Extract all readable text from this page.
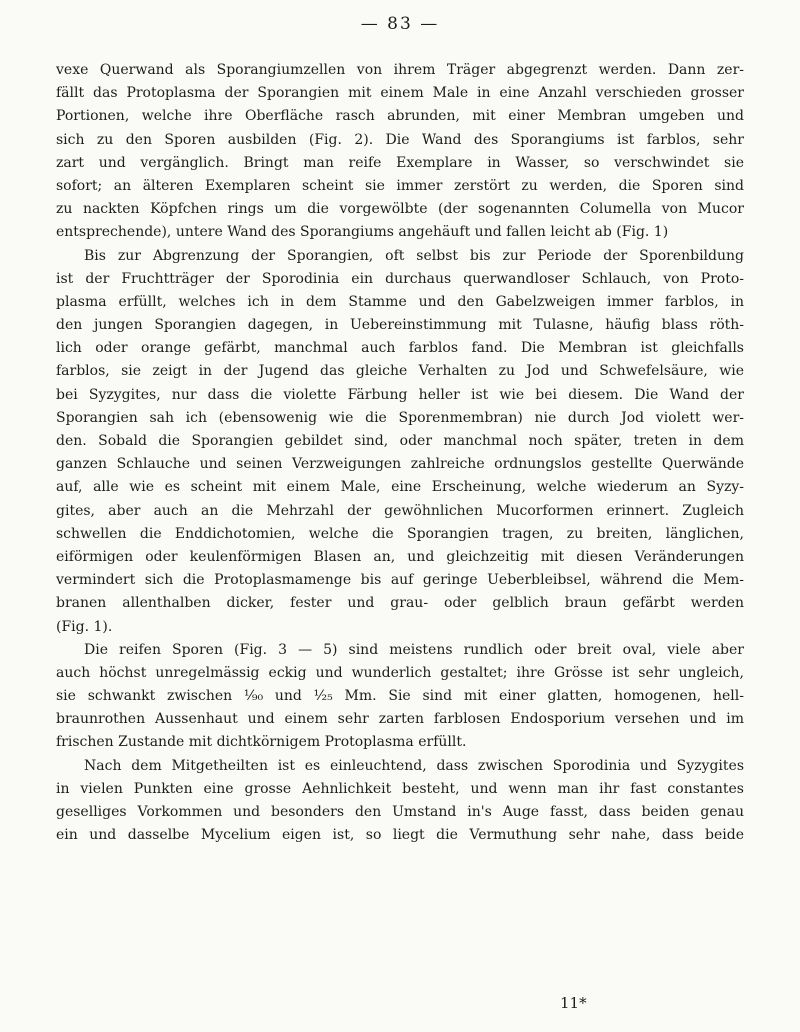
— 83 —
vexe Querwand als Sporangiumzellen von ihrem Träger abgegrenzt werden. Dann zer-
fällt das Protoplasma der Sporangien mit einem Male in eine Anzahl verschieden grosser
Portionen, welche ihre Oberfläche rasch abrunden, mit einer Membran umgeben und
sich zu den Sporen ausbilden (Fig. 2). Die Wand des Sporangiums ist farblos, sehr
zart und vergänglich. Bringt man reife Exemplare in Wasser, so verschwindet sie
sofort; an älteren Exemplaren scheint sie immer zerstört zu werden, die Sporen sind
zu nackten Köpfchen rings um die vorgewölbte (der sogenannten Columella von Mucor
entsprechende), untere Wand des Sporangiums angehäuft und fallen leicht ab (Fig. 1)
Bis zur Abgrenzung der Sporangien, oft selbst bis zur Periode der Sporenbildung
ist der Fruchtträger der Sporodinia ein durchaus querwandloser Schlauch, von Proto-
plasma erfüllt, welches ich in dem Stamme und den Gabelzweigen immer farblos, in
den jungen Sporangien dagegen, in Uebereinstimmung mit Tulasne, häufig blass röth-
lich oder orange gefärbt, manchmal auch farblos fand. Die Membran ist gleichfalls
farblos, sie zeigt in der Jugend das gleiche Verhalten zu Jod und Schwefelsäure, wie
bei Syzygites, nur dass die violette Färbung heller ist wie bei diesem. Die Wand der
Sporangien sah ich (ebensowenig wie die Sporenmembran) nie durch Jod violett wer-
den. Sobald die Sporangien gebildet sind, oder manchmal noch später, treten in dem
ganzen Schlauche und seinen Verzweigungen zahlreiche ordnungslos gestellte Querwände
auf, alle wie es scheint mit einem Male, eine Erscheinung, welche wiederum an Syzy-
gites, aber auch an die Mehrzahl der gewöhnlichen Mucorformen erinnert. Zugleich
schwellen die Enddichotomien, welche die Sporangien tragen, zu breiten, länglichen,
eiförmigen oder keulenförmigen Blasen an, und gleichzeitig mit diesen Veränderungen
vermindert sich die Protoplasmamenge bis auf geringe Ueberbleibsel, während die Mem-
branen allenthalben dicker, fester und grau- oder gelblich braun gefärbt werden
(Fig. 1).
Die reifen Sporen (Fig. 3 — 5) sind meistens rundlich oder breit oval, viele aber
auch höchst unregelmässig eckig und wunderlich gestaltet; ihre Grösse ist sehr ungleich,
sie schwankt zwischen ¹⁄₉₀ und ¹⁄₂₅ Mm. Sie sind mit einer glatten, homogenen, hell-
braunrothen Aussenhaut und einem sehr zarten farblosen Endosporium versehen und im
frischen Zustande mit dichtkörnigem Protoplasma erfüllt.
Nach dem Mitgetheilten ist es einleuchtend, dass zwischen Sporodinia und Syzygites
in vielen Punkten eine grosse Aehnlichkeit besteht, und wenn man ihr fast constantes
geselliges Vorkommen und besonders den Umstand in's Auge fasst, dass beiden genau
ein und dasselbe Mycelium eigen ist, so liegt die Vermuthung sehr nahe, dass beide
11*
